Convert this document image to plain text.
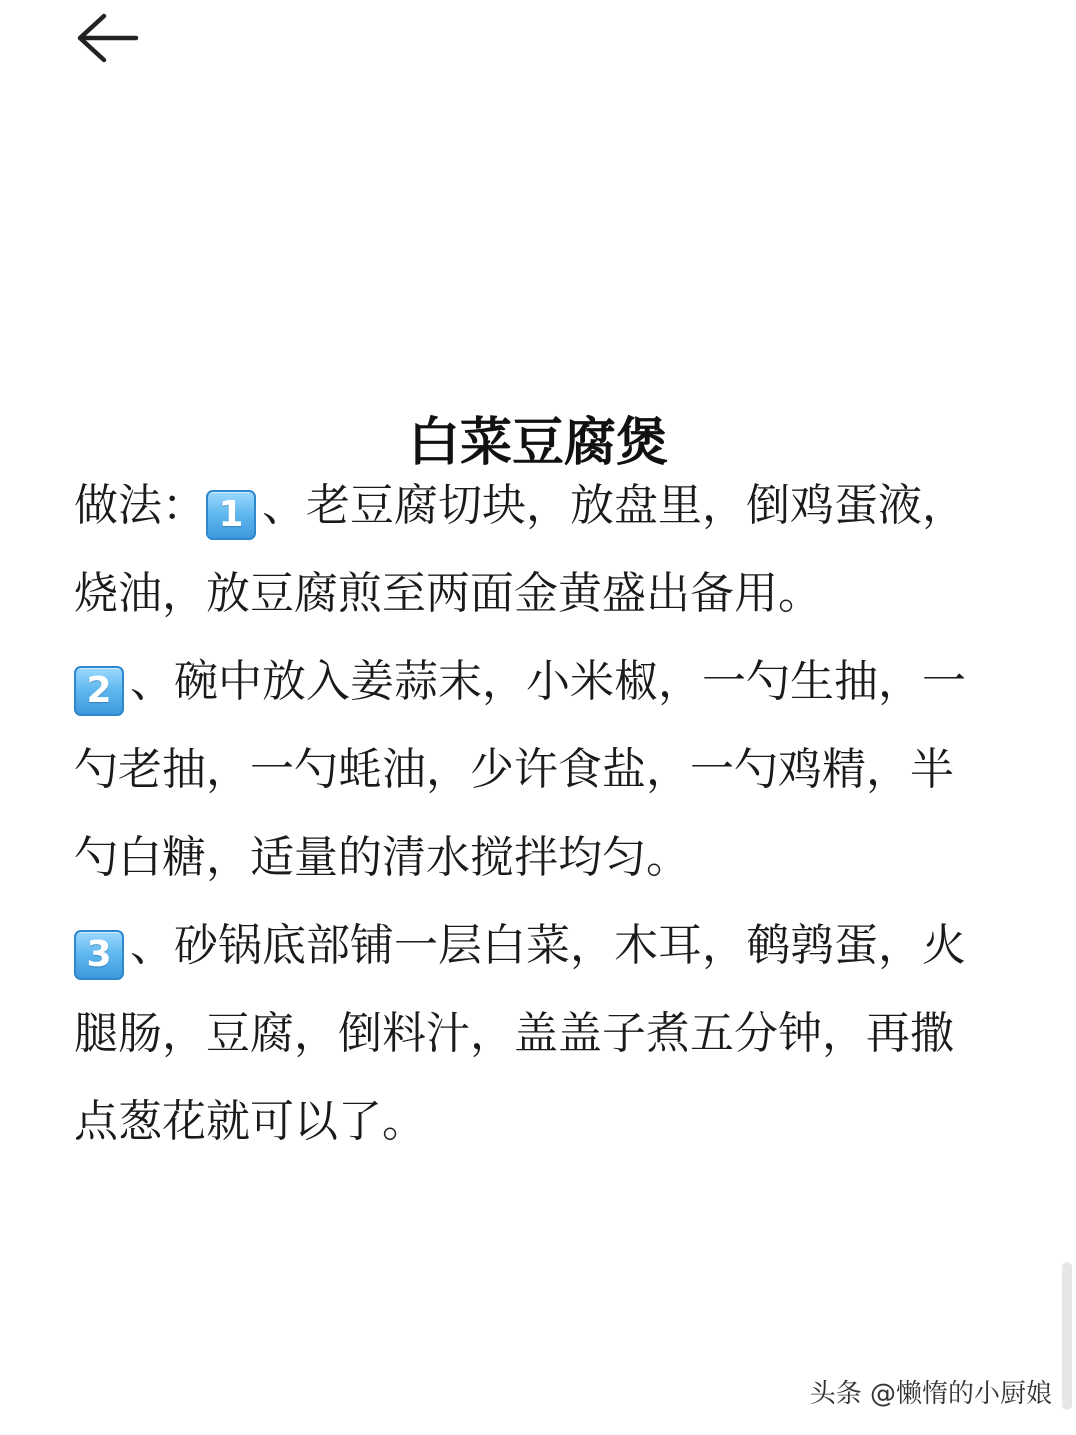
白菜豆腐煲

做法： 1 、老豆腐切块，放盘里，倒鸡蛋液，烧油，放豆腐煎至两面金黄盛出备用。

2 、碗中放入姜蒜末，小米椒，一勺生抽，一勺老抽，一勺蚝油，少许食盐，一勺鸡精，半勺白糖，适量的清水搅拌均匀。

3 、砂锅底部铺一层白菜，木耳，鹌鹑蛋，火腿肠，豆腐，倒料汁，盖盖子煮五分钟，再撒点葱花就可以了。

头条 @懒惰的小厨娘
